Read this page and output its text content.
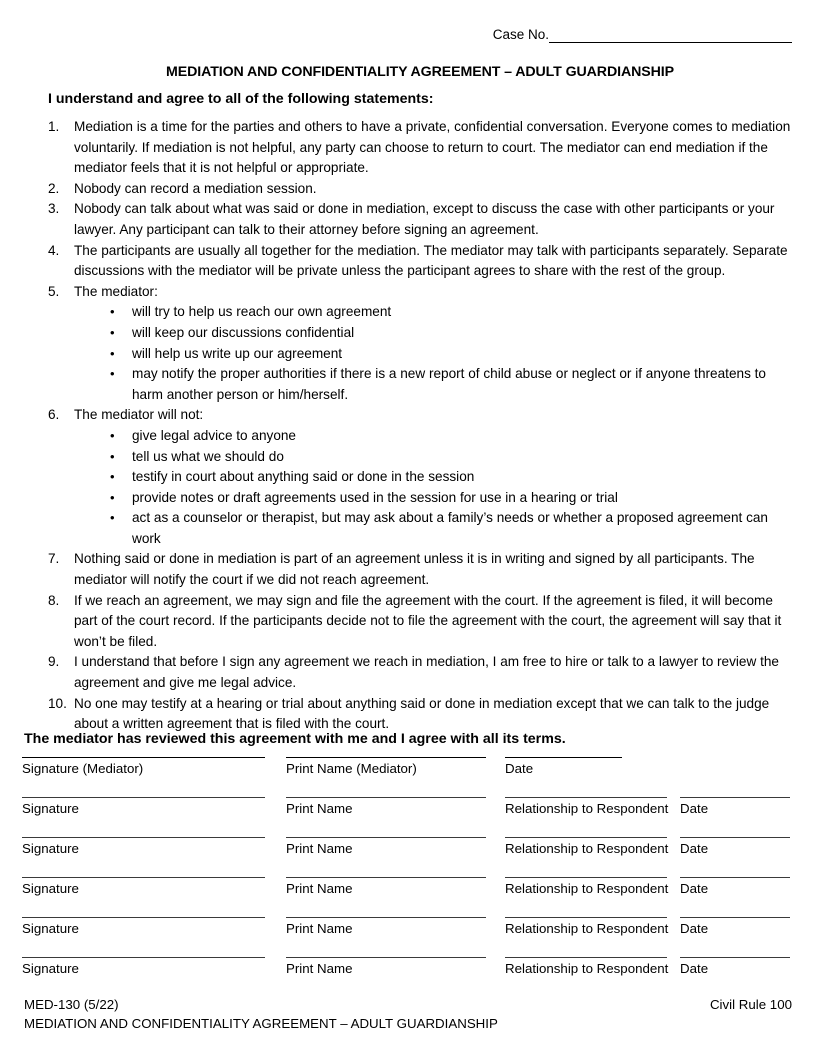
Case No.
MEDIATION AND CONFIDENTIALITY AGREEMENT – ADULT GUARDIANSHIP
I understand and agree to all of the following statements:
1.	Mediation is a time for the parties and others to have a private, confidential conversation. Everyone comes to mediation voluntarily. If mediation is not helpful, any party can choose to return to court. The mediator can end mediation if the mediator feels that it is not helpful or appropriate.
2.	Nobody can record a mediation session.
3.	Nobody can talk about what was said or done in mediation, except to discuss the case with other participants or your lawyer. Any participant can talk to their attorney before signing an agreement.
4.	The participants are usually all together for the mediation. The mediator may talk with participants separately. Separate discussions with the mediator will be private unless the participant agrees to share with the rest of the group.
5.	The mediator:
•	will try to help us reach our own agreement
•	will keep our discussions confidential
•	will help us write up our agreement
•	may notify the proper authorities if there is a new report of child abuse or neglect or if anyone threatens to harm another person or him/herself.
6.	The mediator will not:
•	give legal advice to anyone
•	tell us what we should do
•	testify in court about anything said or done in the session
•	provide notes or draft agreements used in the session for use in a hearing or trial
•	act as a counselor or therapist, but may ask about a family’s needs or whether a proposed agreement can work
7.	Nothing said or done in mediation is part of an agreement unless it is in writing and signed by all participants. The mediator will notify the court if we did not reach agreement.
8.	If we reach an agreement, we may sign and file the agreement with the court. If the agreement is filed, it will become part of the court record. If the participants decide not to file the agreement with the court, the agreement will say that it won’t be filed.
9.	I understand that before I sign any agreement we reach in mediation, I am free to hire or talk to a lawyer to review the agreement and give me legal advice.
10. No one may testify at a hearing or trial about anything said or done in mediation except that we can talk to the judge about a written agreement that is filed with the court.
The mediator has reviewed this agreement with me and I agree with all its terms.
Signature (Mediator)	Print Name (Mediator)	Date
Signature	Print Name	Relationship to Respondent Date
Signature	Print Name	Relationship to Respondent Date
Signature	Print Name	Relationship to Respondent Date
Signature	Print Name	Relationship to Respondent Date
Signature	Print Name	Relationship to Respondent Date
MED-130 (5/22)	Civil Rule 100
MEDIATION AND CONFIDENTIALITY AGREEMENT – ADULT GUARDIANSHIP
